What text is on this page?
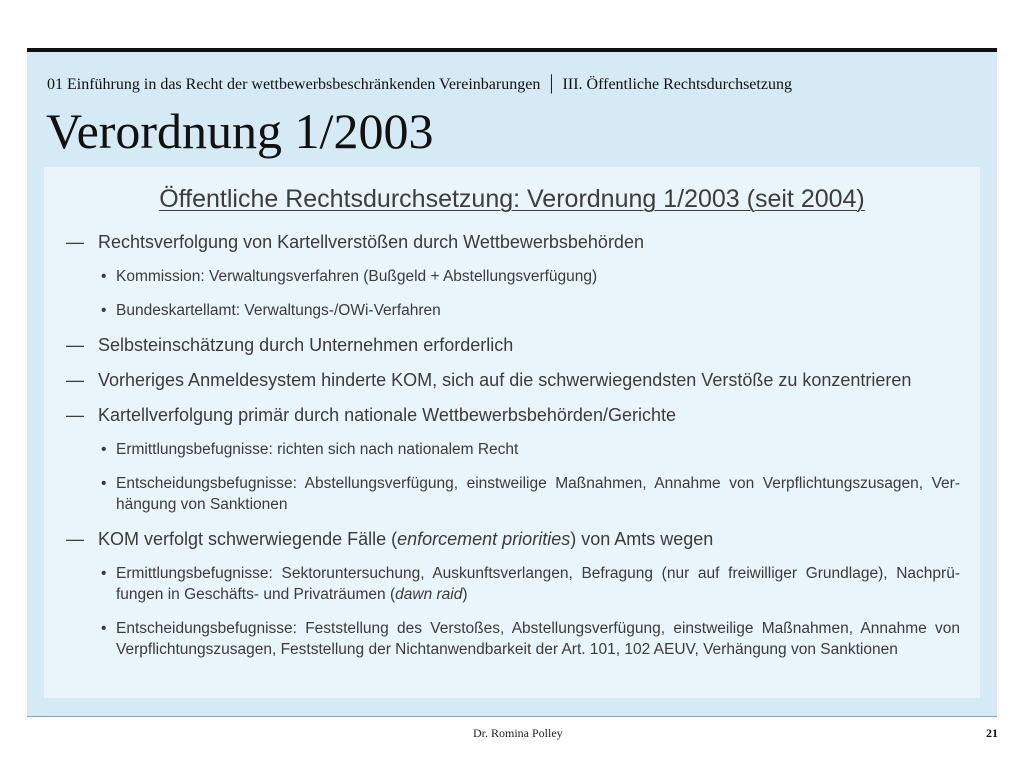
01 Einführung in das Recht der wettbewerbsbeschränkenden Vereinbarungen | III. Öffentliche Rechtsdurchsetzung
Verordnung 1/2003
Öffentliche Rechtsdurchsetzung: Verordnung 1/2003 (seit 2004)
— Rechtsverfolgung von Kartellverstößen durch Wettbewerbsbehörden
• Kommission: Verwaltungsverfahren (Bußgeld + Abstellungsverfügung)
• Bundeskartellamt: Verwaltungs-/OWi-Verfahren
— Selbsteinschätzung durch Unternehmen erforderlich
— Vorheriges Anmeldesystem hinderte KOM, sich auf die schwerwiegendsten Verstöße zu konzentrieren
— Kartellverfolgung primär durch nationale Wettbewerbsbehörden/Gerichte
• Ermittlungsbefugnisse: richten sich nach nationalem Recht
• Entscheidungsbefugnisse: Abstellungsverfügung, einstweilige Maßnahmen, Annahme von Verpflichtungszusagen, Ver-
hängung von Sanktionen
— KOM verfolgt schwerwiegende Fälle (enforcement priorities) von Amts wegen
• Ermittlungsbefugnisse: Sektoruntersuchung, Auskunftsverlangen, Befragung (nur auf freiwilliger Grundlage), Nachprü-
fungen in Geschäfts- und Privaträumen (dawn raid)
• Entscheidungsbefugnisse: Feststellung des Verstoßes, Abstellungsverfügung, einstweilige Maßnahmen, Annahme von
Verpflichtungszusagen, Feststellung der Nichtanwendbarkeit der Art. 101, 102 AEUV, Verhängung von Sanktionen
Dr. Romina Polley	21
